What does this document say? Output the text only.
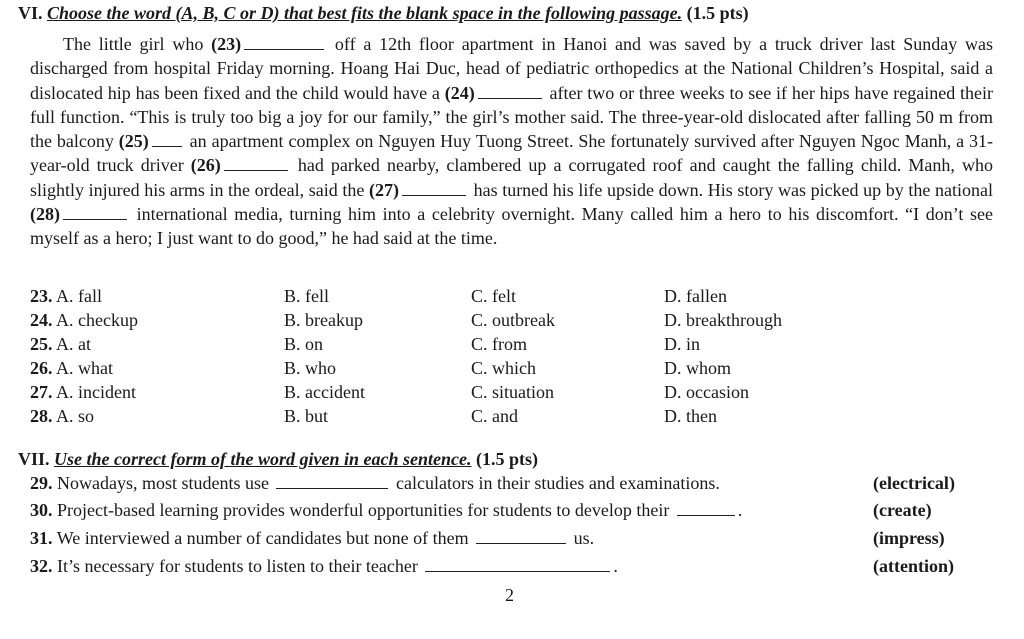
VI. Choose the word (A, B, C or D) that best fits the blank space in the following passage. (1.5 pts)
The little girl who (23)	off a 12th floor apartment in Hanoi and was saved by a truck driver last Sunday was discharged from hospital Friday morning. Hoang Hai Duc, head of pediatric orthopedics at the National Children’s Hospital, said a dislocated hip has been fixed and the child would have a (24)	after two or three weeks to see if her hips have regained their full function. “This is truly too big a joy for our family,” the girl’s mother said. The three-year-old dislocated after falling 50 m from the balcony (25) an apartment complex on Nguyen Huy Tuong Street. She fortunately survived after Nguyen Ngoc Manh, a 31-year-old truck driver (26)	had parked nearby, clambered up a corrugated roof and caught the falling child. Manh, who slightly injured his arms in the ordeal, said the (27)	has turned his life upside down. His story was picked up by the national (28)	international media, turning him into a celebrity overnight. Many called him a hero to his discomfort. “I don’t see myself as a hero; I just want to do good,” he had said at the time.
23. A. fall	B. fell	C. felt	D. fallen
24. A. checkup	B. breakup	C. outbreak	D. breakthrough
25. A. at	B. on	C. from	D. in
26. A. what	B. who	C. which	D. whom
27. A. incident	B. accident	C. situation	D. occasion
28. A. so	B. but	C. and	D. then
VII. Use the correct form of the word given in each sentence. (1.5 pts)
29. Nowadays, most students use	calculators in their studies and examinations.	(electrical)
30. Project-based learning provides wonderful opportunities for students to develop their	.	(create)
31. We interviewed a number of candidates but none of them	us.	(impress)
32. It’s necessary for students to listen to their teacher	.	(attention)
2
